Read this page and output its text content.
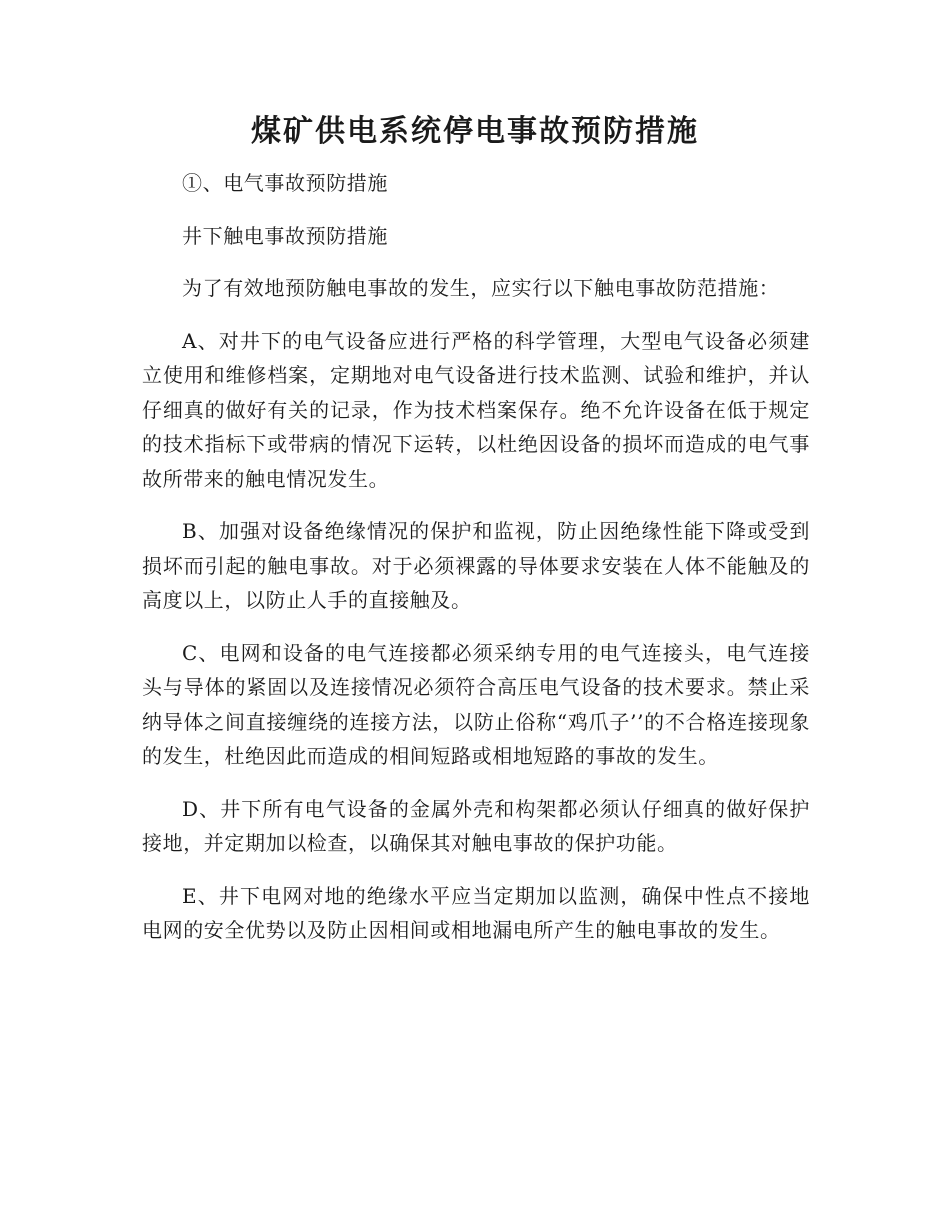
煤矿供电系统停电事故预防措施

①、电气事故预防措施

井下触电事故预防措施

为了有效地预防触电事故的发生，应实行以下触电事故防范措施：

A、对井下的电气设备应进行严格的科学管理，大型电气设备必须建立使用和维修档案，定期地对电气设备进行技术监测、试验和维护，并认仔细真的做好有关的记录，作为技术档案保存。绝不允许设备在低于规定的技术指标下或带病的情况下运转，以杜绝因设备的损坏而造成的电气事故所带来的触电情况发生。

B、加强对设备绝缘情况的保护和监视，防止因绝缘性能下降或受到损坏而引起的触电事故。对于必须裸露的导体要求安装在人体不能触及的高度以上，以防止人手的直接触及。

C、电网和设备的电气连接都必须采纳专用的电气连接头，电气连接头与导体的紧固以及连接情况必须符合高压电气设备的技术要求。禁止采纳导体之间直接缠绕的连接方法，以防止俗称“鸡爪子’’的不合格连接现象的发生，杜绝因此而造成的相间短路或相地短路的事故的发生。

D、井下所有电气设备的金属外壳和构架都必须认仔细真的做好保护接地，并定期加以检查，以确保其对触电事故的保护功能。

E、井下电网对地的绝缘水平应当定期加以监测，确保中性点不接地电网的安全优势以及防止因相间或相地漏电所产生的触电事故的发生。
